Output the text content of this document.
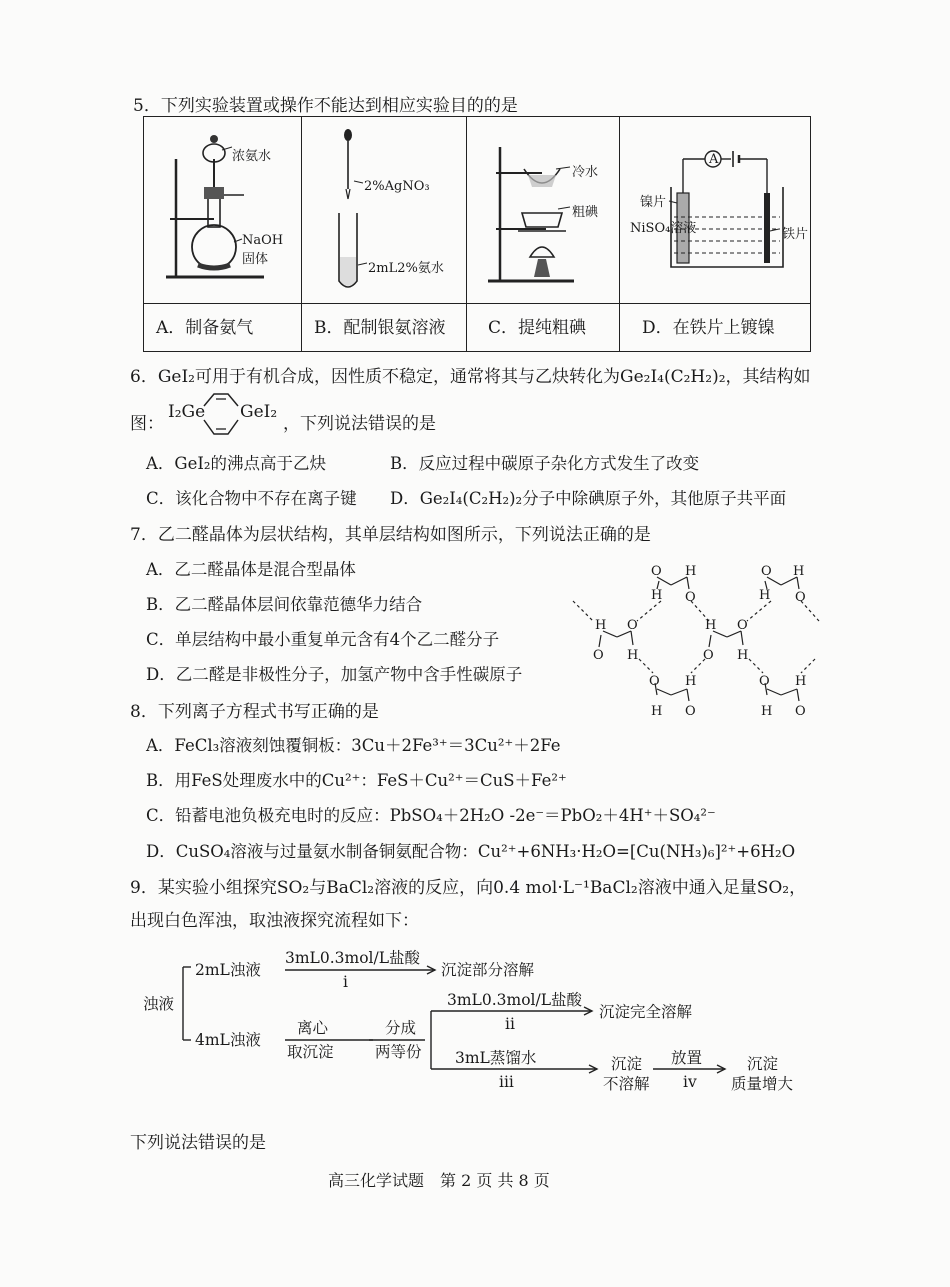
5．下列实验装置或操作不能达到相应实验目的的是
浓氨水
NaOH
固体
2%AgNO₃
2mL2%氨水
冷水
粗碘
A
镍片
NiSO₄溶液	铁片
A．制备氨气	B．配制银氨溶液	C．提纯粗碘	D．在铁片上镀镍
6．GeI₂可用于有机合成，因性质不稳定，通常将其与乙炔转化为Ge₂I₄(C₂H₂)₂，其结构如
图：
I₂Ge GeI₂
，下列说法错误的是
A．GeI₂的沸点高于乙炔	B．反应过程中碳原子杂化方式发生了改变
C．该化合物中不存在离子键 D．Ge₂I₄(C₂H₂)₂分子中除碘原子外，其他原子共平面
7．乙二醛晶体为层状结构，其单层结构如图所示，下列说法正确的是
A．乙二醛晶体是混合型晶体
B．乙二醛晶体层间依靠范德华力结合
C．单层结构中最小重复单元含有4个乙二醛分子
D．乙二醛是非极性分子，加氢产物中含手性碳原子
O H
H O
O H
H O
H O
O H
H O
O H
O H
H O
O H
H O
8．下列离子方程式书写正确的是
A．FeCl₃溶液刻蚀覆铜板：3Cu＋2Fe³⁺＝3Cu²⁺＋2Fe
B．用FeS处理废水中的Cu²⁺：FeS＋Cu²⁺＝CuS＋Fe²⁺
C．铅蓄电池负极充电时的反应：PbSO₄＋2H₂O -2e⁻＝PbO₂＋4H⁺＋SO₄²⁻
D．CuSO₄溶液与过量氨水制备铜氨配合物：Cu²⁺+6NH₃·H₂O=[Cu(NH₃)₆]²⁺+6H₂O
9．某实验小组探究SO₂与BaCl₂溶液的反应，向0.4 mol·L⁻¹BaCl₂溶液中通入足量SO₂，
出现白色浑浊，取浊液探究流程如下：
浊液
2mL浊液
4mL浊液
3mL0.3mol/L盐酸
i
沉淀部分溶解
离心
取沉淀
分成
两等份
3mL0.3mol/L盐酸
ii
沉淀完全溶解
3mL蒸馏水
iii
沉淀
不溶解
放置
iv
沉淀
质量增大
下列说法错误的是
高三化学试题　第 2 页 共 8 页
